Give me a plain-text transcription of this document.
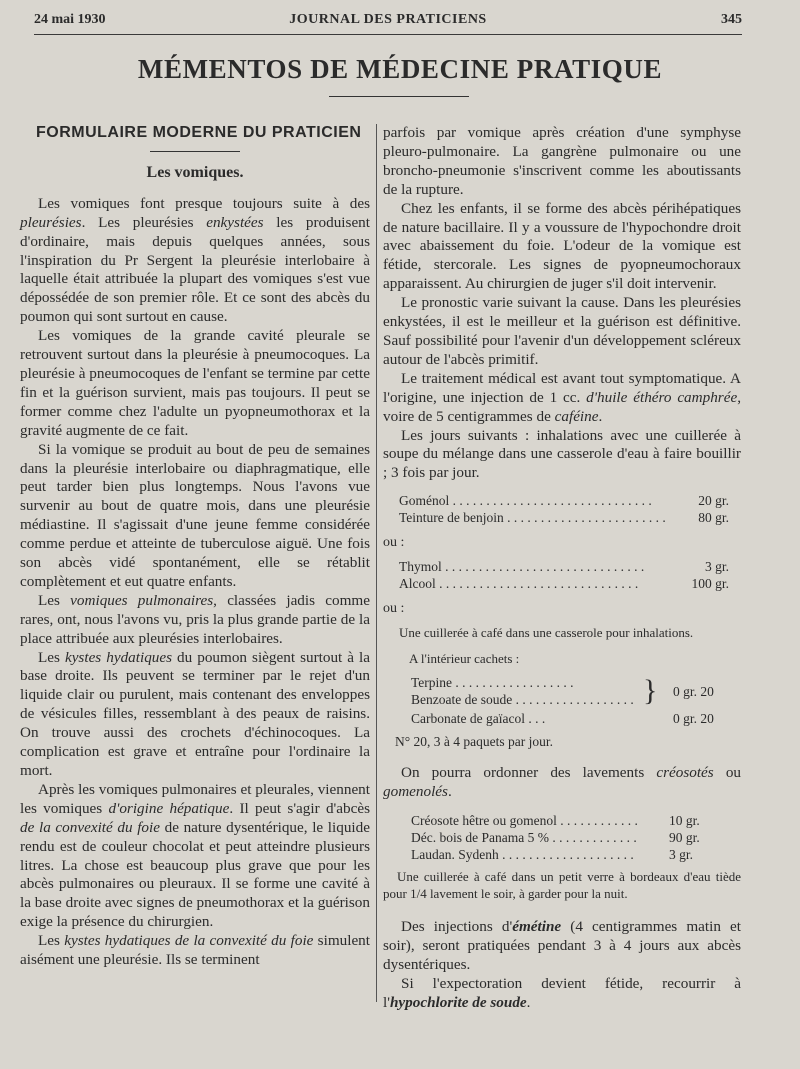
24 mai 1930	JOURNAL DES PRATICIENS	345
MÉMENTOS DE MÉDECINE PRATIQUE
FORMULAIRE MODERNE DU PRATICIEN
Les vomiques.

Les vomiques font presque toujours suite à des pleurésies. Les pleurésies enkystées les produisent d'ordinaire, mais depuis quelques années, sous l'inspiration du Pr Sergent la pleurésie interlobaire à laquelle était attribuée la plupart des vomiques s'est vue dépossédée de son premier rôle. Et ce sont des abcès du poumon qui sont surtout en cause.

Les vomiques de la grande cavité pleurale se retrouvent surtout dans la pleurésie à pneumocoques. La pleurésie à pneumocoques de l'enfant se termine par cette fin et la guérison survient, mais pas toujours. Il peut se former comme chez l'adulte un pyopneumothorax et la gravité augmente de ce fait.

Si la vomique se produit au bout de peu de semaines dans la pleurésie interlobaire ou diaphragmatique, elle peut tarder bien plus longtemps. Nous l'avons vue survenir au bout de quatre mois, dans une pleurésie médiastine. Il s'agissait d'une jeune femme considérée comme perdue et atteinte de tuberculose aiguë. Une fois son abcès vidé spontanément, elle se rétablit complètement et eut quatre enfants.

Les vomiques pulmonaires, classées jadis comme rares, ont, nous l'avons vu, pris la plus grande partie de la place attribuée aux pleurésies interlobaires.

Les kystes hydatiques du poumon siègent surtout à la base droite. Ils peuvent se terminer par le rejet d'un liquide clair ou purulent, mais contenant des enveloppes de vésicules filles, ressemblant à des peaux de raisins. On trouve aussi des crochets d'échinocoques. La complication est grave et entraîne pour l'ordinaire la mort.

Après les vomiques pulmonaires et pleurales, viennent les vomiques d'origine hépatique. Il peut s'agir d'abcès de la convexité du foie de nature dysentérique, le liquide rendu est de couleur chocolat et peut atteindre plusieurs litres. La chose est beaucoup plus grave que pour les abcès pulmonaires ou pleuraux. Il se forme une cavité à la base droite avec signes de pneumothorax et la guérison exige la présence du chirurgien.

Les kystes hydatiques de la convexité du foie simulent aisément une pleurésie. Ils se terminent

parfois par vomique après création d'une symphyse pleuro-pulmonaire. La gangrène pulmonaire ou une broncho-pneumonie s'inscrivent comme les aboutissants de la rupture.

Chez les enfants, il se forme des abcès périhépatiques de nature bacillaire. Il y a voussure de l'hypochondre droit avec abaissement du foie. L'odeur de la vomique est fétide, stercorale. Les signes de pyopneumochoraux apparaissent. Au chirurgien de juger s'il doit intervenir.

Le pronostic varie suivant la cause. Dans les pleurésies enkystées, il est le meilleur et la guérison est définitive. Sauf possibilité pour l'avenir d'un développement scléreux autour de l'abcès primitif.

Le traitement médical est avant tout symptomatique. A l'origine, une injection de 1 cc. d'huile éthéro camphrée, voire de 5 centigrammes de caféine.

Les jours suivants : inhalations avec une cuillerée à soupe du mélange dans une casserole d'eau à faire bouillir ; 3 fois par jour.

Goménol . . .	20 gr.
Teinture de benjoin . . .	80 gr.
ou :
Thymol . . .	3 gr.
Alcool . . .	100 gr.
ou :
Une cuillerée à café dans une casserole pour inhalations.
A l'intérieur cachets :
Terpine . . .
Benzoate de soude . . .	} 0 gr. 20
Carbonate de gaïacol . . .	0 gr. 20
N° 20, 3 à 4 paquets par jour.

On pourra ordonner des lavements créosotés ou gomenolés.

Créosote hêtre ou gomenol . . .	10 gr.
Déc. bois de Panama 5 % . . .	90 gr.
Laudan. Sydenh . . .	3 gr.
Une cuillerée à café dans un petit verre à bordeaux d'eau tiède pour 1/4 lavement le soir, à garder pour la nuit.

Des injections d'émétine (4 centigrammes matin et soir), seront pratiquées pendant 3 à 4 jours aux abcès dysentériques.

Si l'expectoration devient fétide, recourrir à l'hypochlorite de soude.
